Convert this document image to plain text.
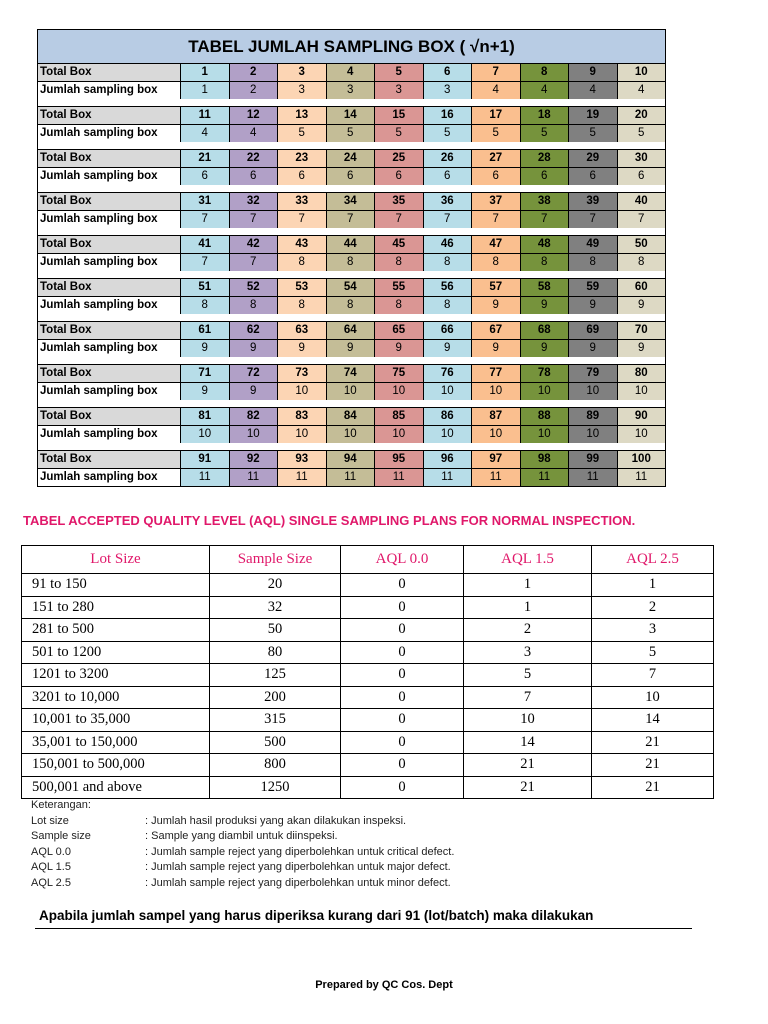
TABEL JUMLAH SAMPLING BOX ( √n+1)
Total Box	1	2	3	4	5	6	7	8	9	10
Jumlah sampling box	1	2	3	3	3	3	4	4	4	4
Total Box	11	12	13	14	15	16	17	18	19	20
Jumlah sampling box	4	4	5	5	5	5	5	5	5	5
Total Box	21	22	23	24	25	26	27	28	29	30
Jumlah sampling box	6	6	6	6	6	6	6	6	6	6
Total Box	31	32	33	34	35	36	37	38	39	40
Jumlah sampling box	7	7	7	7	7	7	7	7	7	7
Total Box	41	42	43	44	45	46	47	48	49	50
Jumlah sampling box	7	7	8	8	8	8	8	8	8	8
Total Box	51	52	53	54	55	56	57	58	59	60
Jumlah sampling box	8	8	8	8	8	8	9	9	9	9
Total Box	61	62	63	64	65	66	67	68	69	70
Jumlah sampling box	9	9	9	9	9	9	9	9	9	9
Total Box	71	72	73	74	75	76	77	78	79	80
Jumlah sampling box	9	9	10	10	10	10	10	10	10	10
Total Box	81	82	83	84	85	86	87	88	89	90
Jumlah sampling box	10	10	10	10	10	10	10	10	10	10
Total Box	91	92	93	94	95	96	97	98	99	100
Jumlah sampling box	11	11	11	11	11	11	11	11	11	11
TABEL ACCEPTED QUALITY LEVEL (AQL) SINGLE SAMPLING PLANS FOR NORMAL INSPECTION.
Lot Size	Sample Size	AQL 0.0	AQL 1.5	AQL 2.5
91 to 150	20	0	1	1
151 to 280	32	0	1	2
281 to 500	50	0	2	3
501 to 1200	80	0	3	5
1201 to 3200	125	0	5	7
3201 to 10,000	200	0	7	10
10,001 to 35,000	315	0	10	14
35,001 to 150,000	500	0	14	21
150,001 to 500,000	800	0	21	21
500,001 and above	1250	0	21	21
Keterangan:
Lot size	: Jumlah hasil produksi yang akan dilakukan inspeksi.
Sample size	: Sample yang diambil untuk diinspeksi.
AQL 0.0	: Jumlah sample reject yang diperbolehkan untuk critical defect.
AQL 1.5	: Jumlah sample reject yang diperbolehkan untuk major defect.
AQL 2.5	: Jumlah sample reject yang diperbolehkan untuk minor defect.
Apabila jumlah sampel yang harus diperiksa kurang dari 91 (lot/batch) maka dilakukan
Prepared by QC Cos. Dept
